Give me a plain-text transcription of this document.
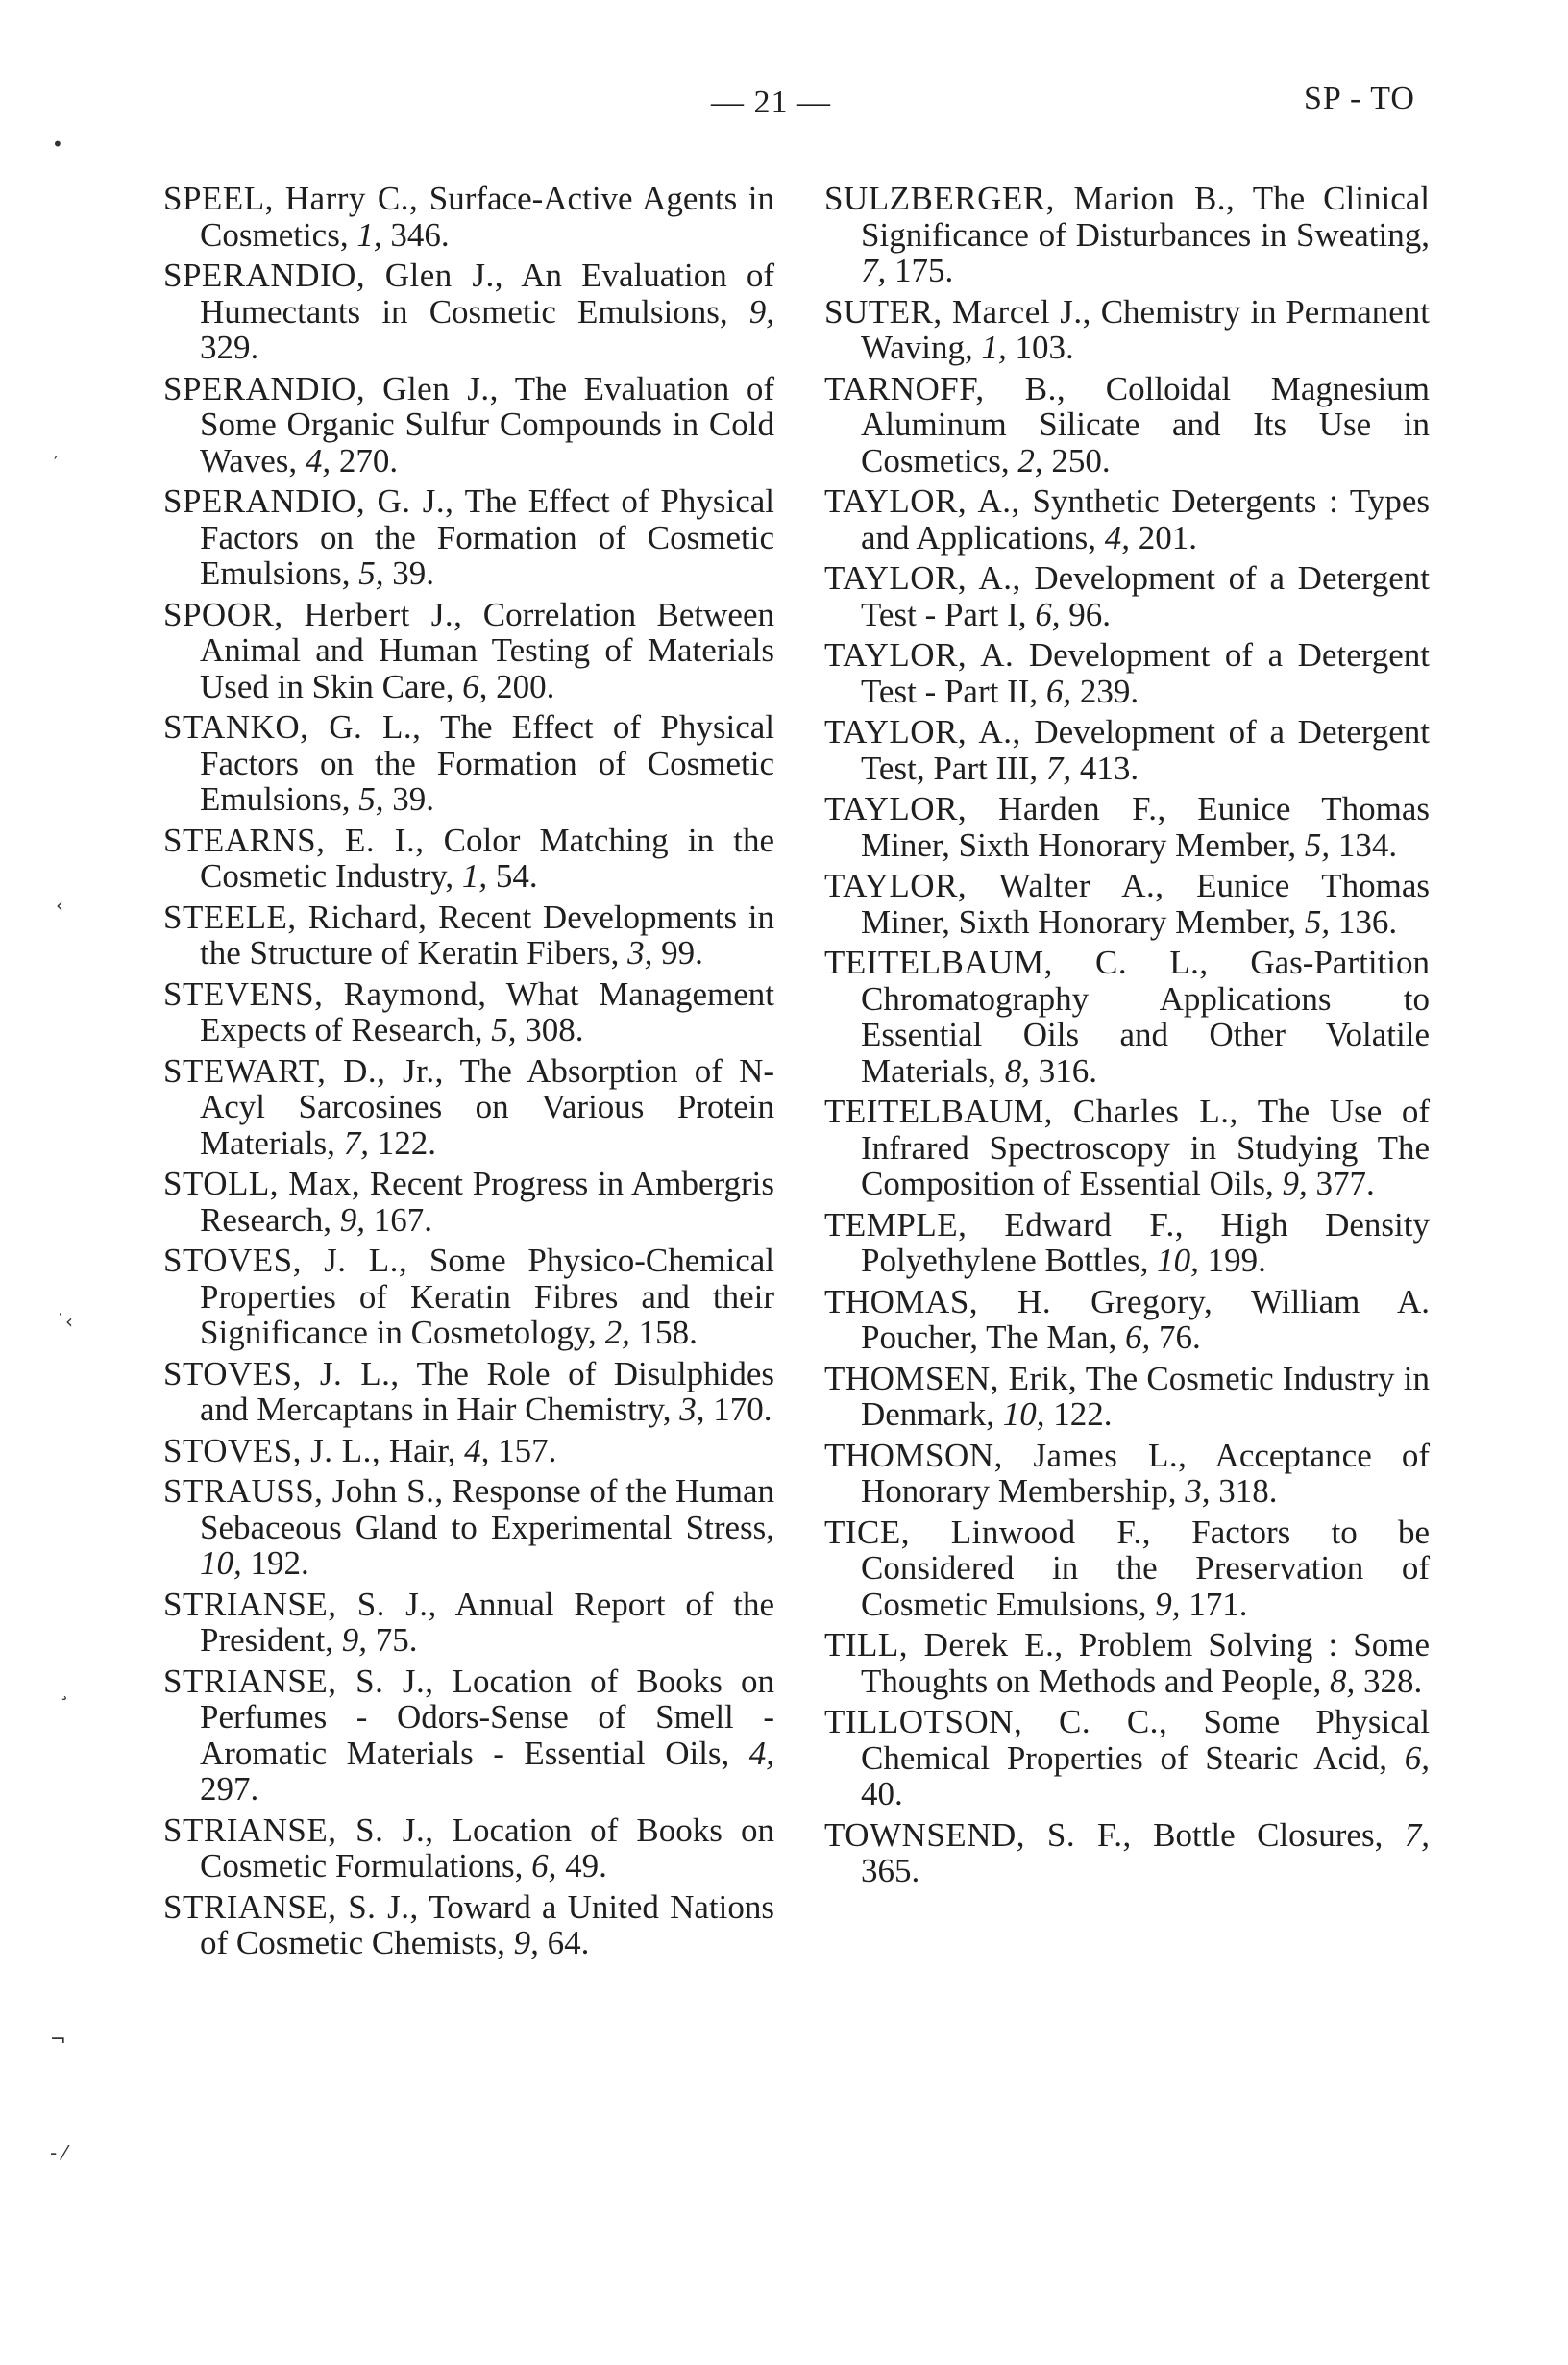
— 21 —	SP - TO
•
′
‹
˙‹
¸
¬
‐ ⁄

SPEEL, Harry C., Surface-Active Agents in Cosmetics, 1, 346.

SPERANDIO, Glen J., An Evaluation of Humectants in Cosmetic Emulsions, 9, 329.

SPERANDIO, Glen J., The Evaluation of Some Organic Sulfur Compounds in Cold Waves, 4, 270.

SPERANDIO, G. J., The Effect of Physical Factors on the Formation of Cosmetic Emulsions, 5, 39.

SPOOR, Herbert J., Correlation Between Animal and Human Testing of Materials Used in Skin Care, 6, 200.

STANKO, G. L., The Effect of Physical Factors on the Formation of Cosmetic Emulsions, 5, 39.

STEARNS, E. I., Color Matching in the Cosmetic Industry, 1, 54.

STEELE, Richard, Recent Developments in the Structure of Keratin Fibers, 3, 99.

STEVENS, Raymond, What Management Expects of Research, 5, 308.

STEWART, D., Jr., The Absorption of N-Acyl Sarcosines on Various Protein Materials, 7, 122.

STOLL, Max, Recent Progress in Ambergris Research, 9, 167.

STOVES, J. L., Some Physico-Chemical Properties of Keratin Fibres and their Significance in Cosmetology, 2, 158.

STOVES, J. L., The Role of Disulphides and Mercaptans in Hair Chemistry, 3, 170.

STOVES, J. L., Hair, 4, 157.

STRAUSS, John S., Response of the Human Sebaceous Gland to Experimental Stress, 10, 192.

STRIANSE, S. J., Annual Report of the President, 9, 75.

STRIANSE, S. J., Location of Books on Perfumes - Odors-Sense of Smell - Aromatic Materials - Essential Oils, 4, 297.

STRIANSE, S. J., Location of Books on Cosmetic Formulations, 6, 49.

STRIANSE, S. J., Toward a United Nations of Cosmetic Chemists, 9, 64.

SULZBERGER, Marion B., The Clinical Significance of Disturbances in Sweating, 7, 175.

SUTER, Marcel J., Chemistry in Permanent Waving, 1, 103.

TARNOFF, B., Colloidal Magnesium Aluminum Silicate and Its Use in Cosmetics, 2, 250.

TAYLOR, A., Synthetic Detergents : Types and Applications, 4, 201.

TAYLOR, A., Development of a Detergent Test - Part I, 6, 96.

TAYLOR, A. Development of a Detergent Test - Part II, 6, 239.

TAYLOR, A., Development of a Detergent Test, Part III, 7, 413.

TAYLOR, Harden F., Eunice Thomas Miner, Sixth Honorary Member, 5, 134.

TAYLOR, Walter A., Eunice Thomas Miner, Sixth Honorary Member, 5, 136.

TEITELBAUM, C. L., Gas-Partition Chromatography Applications to Essential Oils and Other Volatile Materials, 8, 316.

TEITELBAUM, Charles L., The Use of Infrared Spectroscopy in Studying The Composition of Essential Oils, 9, 377.

TEMPLE, Edward F., High Density Polyethylene Bottles, 10, 199.

THOMAS, H. Gregory, William A. Poucher, The Man, 6, 76.

THOMSEN, Erik, The Cosmetic Industry in Denmark, 10, 122.

THOMSON, James L., Acceptance of Honorary Membership, 3, 318.

TICE, Linwood F., Factors to be Considered in the Preservation of Cosmetic Emulsions, 9, 171.

TILL, Derek E., Problem Solving : Some Thoughts on Methods and People, 8, 328.

TILLOTSON, C. C., Some Physical Chemical Properties of Stearic Acid, 6, 40.

TOWNSEND, S. F., Bottle Closures, 7, 365.
